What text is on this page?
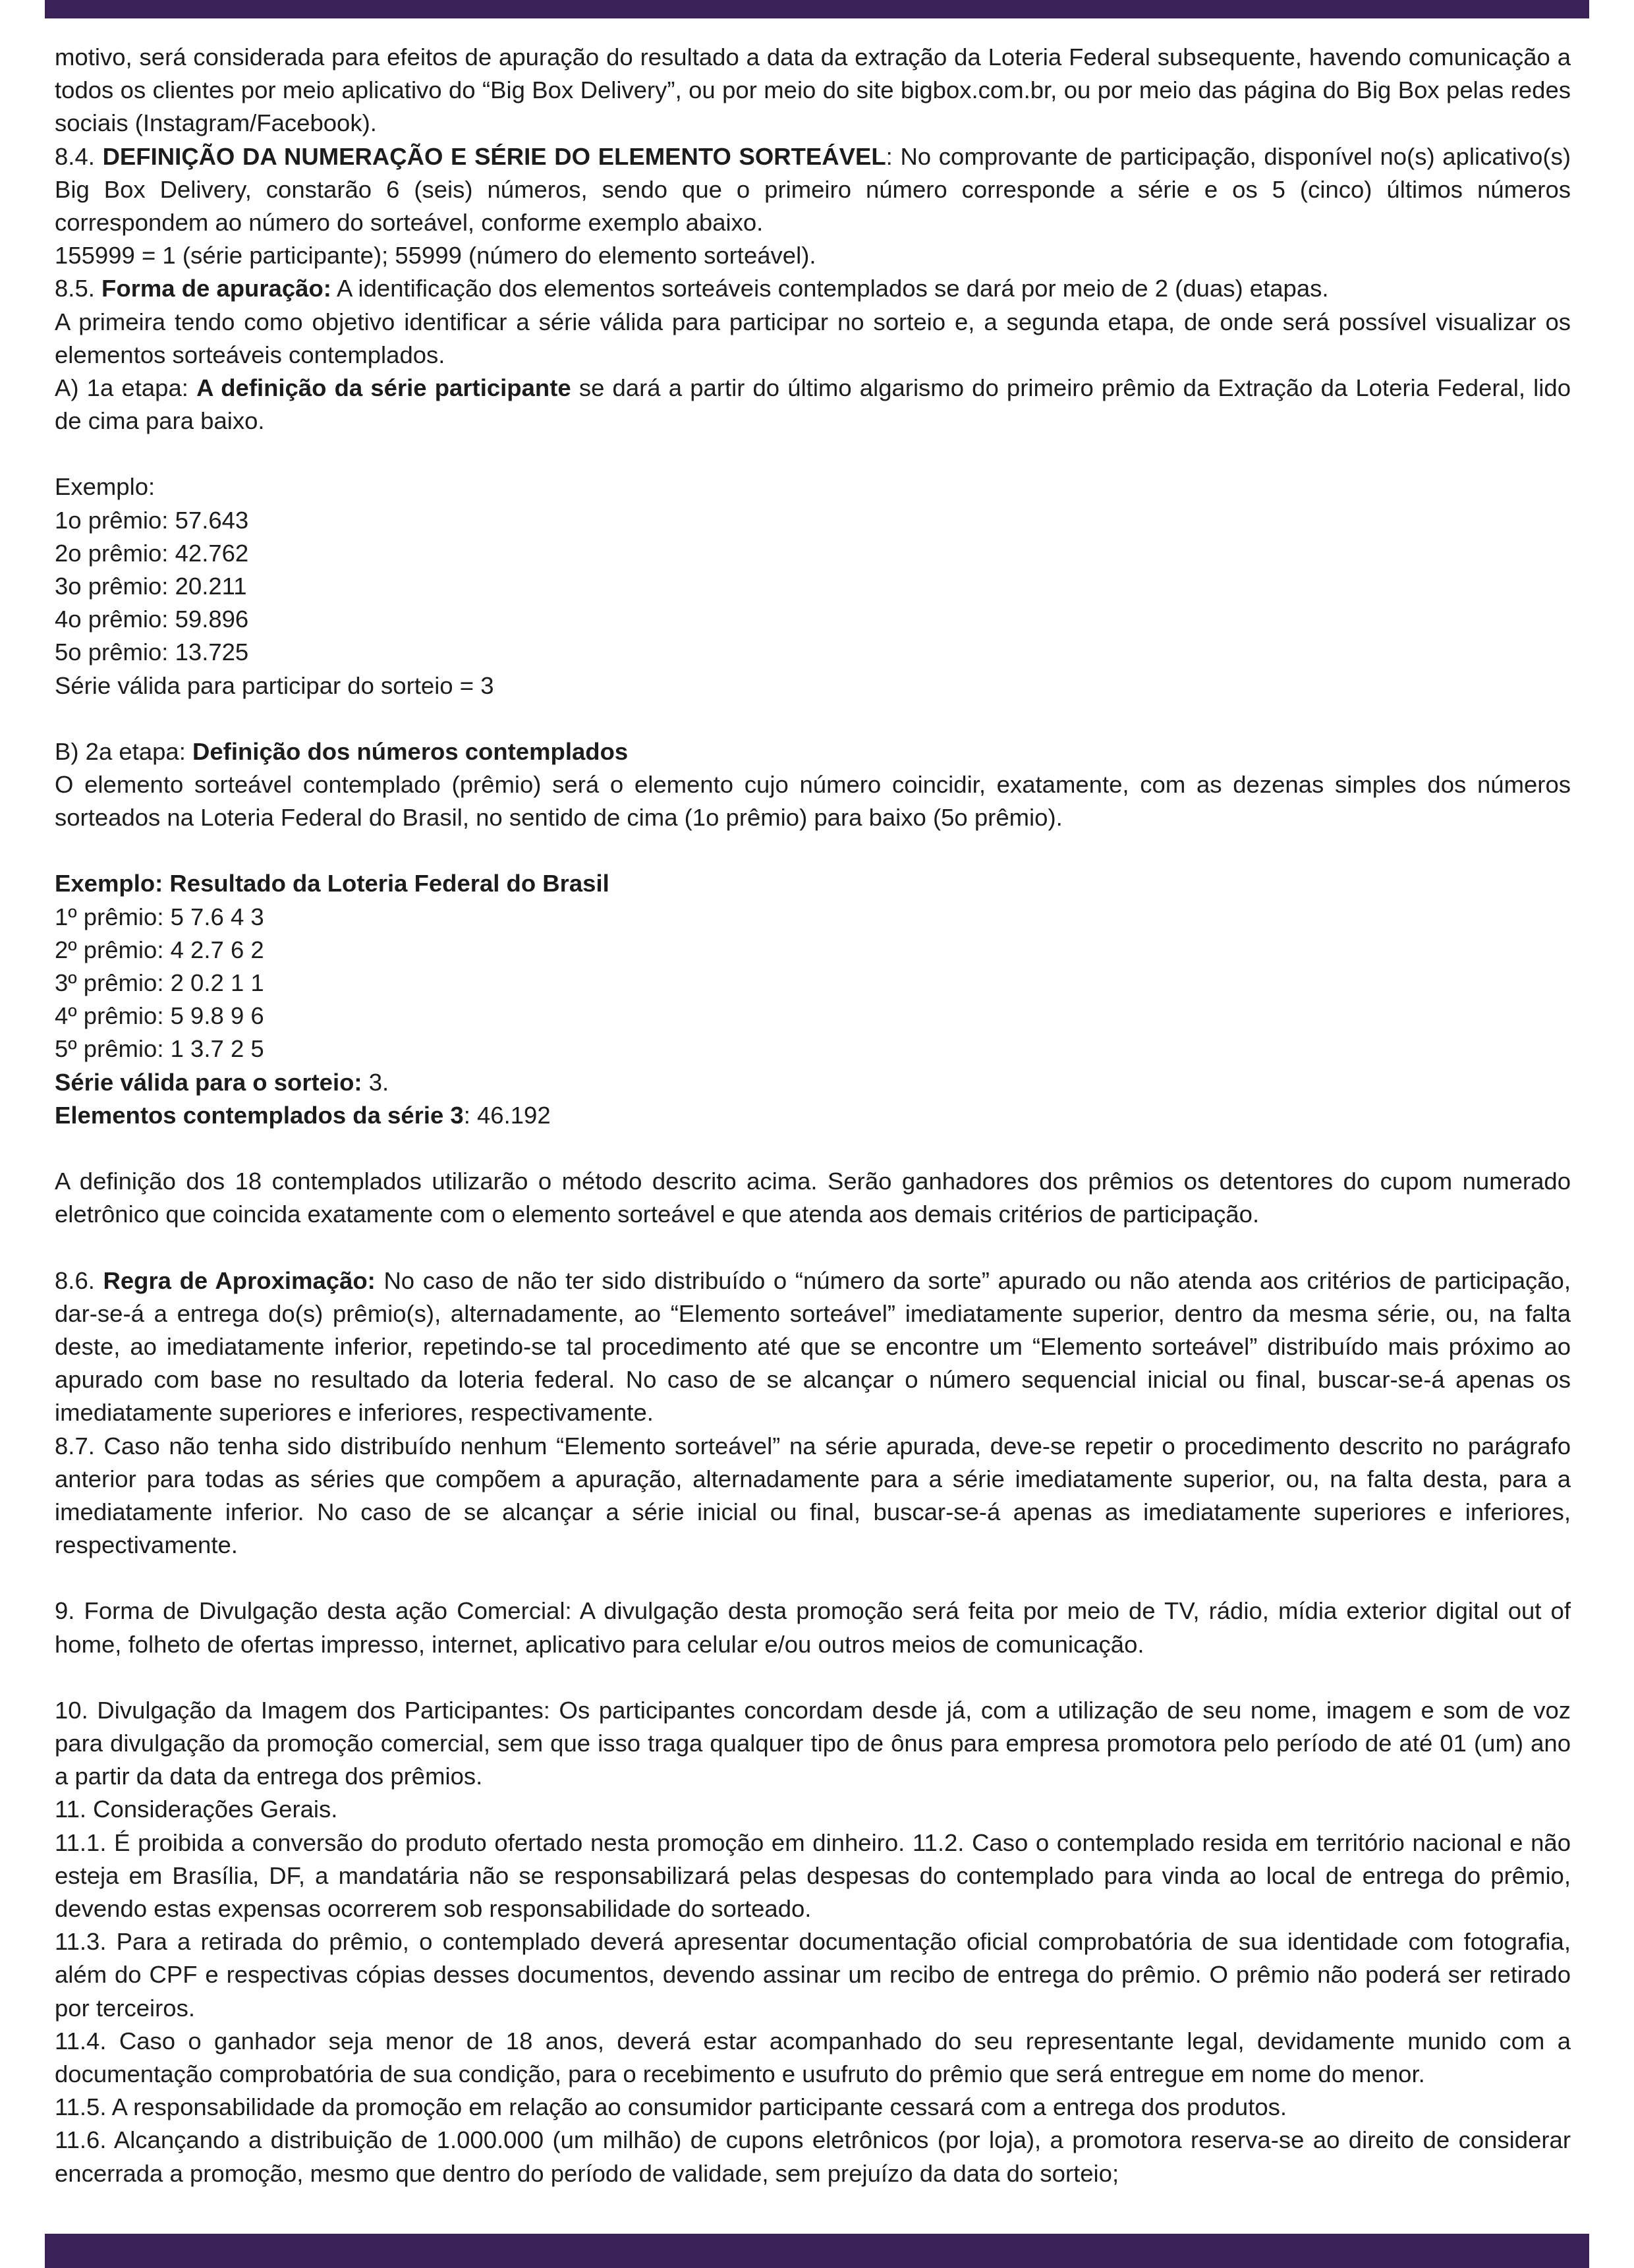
motivo, será considerada para efeitos de apuração do resultado a data da extração da Loteria Federal subsequente, havendo comunicação a todos os clientes por meio aplicativo do “Big Box Delivery”, ou por meio do site bigbox.com.br, ou por meio das página do Big Box pelas redes sociais (Instagram/Facebook).

8.4. DEFINIÇÃO DA NUMERAÇÃO E SÉRIE DO ELEMENTO SORTEÁVEL: No comprovante de participação, disponível no(s) aplicativo(s) Big Box Delivery, constarão 6 (seis) números, sendo que o primeiro número corresponde a série e os 5 (cinco) últimos números correspondem ao número do sorteável, conforme exemplo abaixo.

155999 = 1 (série participante); 55999 (número do elemento sorteável).

8.5. Forma de apuração: A identificação dos elementos sorteáveis contemplados se dará por meio de 2 (duas) etapas.

A primeira tendo como objetivo identificar a série válida para participar no sorteio e, a segunda etapa, de onde será possível visualizar os elementos sorteáveis contemplados.

A) 1a etapa: A definição da série participante se dará a partir do último algarismo do primeiro prêmio da Extração da Loteria Federal, lido de cima para baixo.

Exemplo:

1o prêmio: 57.643

2o prêmio: 42.762

3o prêmio: 20.211

4o prêmio: 59.896

5o prêmio: 13.725

Série válida para participar do sorteio = 3

B) 2a etapa: Definição dos números contemplados

O elemento sorteável contemplado (prêmio) será o elemento cujo número coincidir, exatamente, com as dezenas simples dos números sorteados na Loteria Federal do Brasil, no sentido de cima (1o prêmio) para baixo (5o prêmio).

Exemplo: Resultado da Loteria Federal do Brasil

1º prêmio: 5 7.6 4 3

2º prêmio: 4 2.7 6 2

3º prêmio: 2 0.2 1 1

4º prêmio: 5 9.8 9 6

5º prêmio: 1 3.7 2 5

Série válida para o sorteio: 3.

Elementos contemplados da série 3: 46.192

A definição dos 18 contemplados utilizarão o método descrito acima. Serão ganhadores dos prêmios os detentores do cupom numerado eletrônico que coincida exatamente com o elemento sorteável e que atenda aos demais critérios de participação.

8.6. Regra de Aproximação: No caso de não ter sido distribuído o “número da sorte” apurado ou não atenda aos critérios de participação, dar-se-á a entrega do(s) prêmio(s), alternadamente, ao “Elemento sorteável” imediatamente superior, dentro da mesma série, ou, na falta deste, ao imediatamente inferior, repetindo-se tal procedimento até que se encontre um “Elemento sorteável” distribuído mais próximo ao apurado com base no resultado da loteria federal. No caso de se alcançar o número sequencial inicial ou final, buscar-se-á apenas os imediatamente superiores e inferiores, respectivamente.

8.7. Caso não tenha sido distribuído nenhum “Elemento sorteável” na série apurada, deve-se repetir o procedimento descrito no parágrafo anterior para todas as séries que compõem a apuração, alternadamente para a série imediatamente superior, ou, na falta desta, para a imediatamente inferior. No caso de se alcançar a série inicial ou final, buscar-se-á apenas as imediatamente superiores e inferiores, respectivamente.

9. Forma de Divulgação desta ação Comercial: A divulgação desta promoção será feita por meio de TV, rádio, mídia exterior digital out of home, folheto de ofertas impresso, internet, aplicativo para celular e/ou outros meios de comunicação.

10. Divulgação da Imagem dos Participantes: Os participantes concordam desde já, com a utilização de seu nome, imagem e som de voz para divulgação da promoção comercial, sem que isso traga qualquer tipo de ônus para empresa promotora pelo período de até 01 (um) ano a partir da data da entrega dos prêmios.

11. Considerações Gerais.

11.1. É proibida a conversão do produto ofertado nesta promoção em dinheiro. 11.2. Caso o contemplado resida em território nacional e não esteja em Brasília, DF, a mandatária não se responsabilizará pelas despesas do contemplado para vinda ao local de entrega do prêmio, devendo estas expensas ocorrerem sob responsabilidade do sorteado.

11.3. Para a retirada do prêmio, o contemplado deverá apresentar documentação oficial comprobatória de sua identidade com fotografia, além do CPF e respectivas cópias desses documentos, devendo assinar um recibo de entrega do prêmio. O prêmio não poderá ser retirado por terceiros.

11.4. Caso o ganhador seja menor de 18 anos, deverá estar acompanhado do seu representante legal, devidamente munido com a documentação comprobatória de sua condição, para o recebimento e usufruto do prêmio que será entregue em nome do menor.

11.5. A responsabilidade da promoção em relação ao consumidor participante cessará com a entrega dos produtos.

11.6. Alcançando a distribuição de 1.000.000 (um milhão) de cupons eletrônicos (por loja), a promotora reserva-se ao direito de considerar encerrada a promoção, mesmo que dentro do período de validade, sem prejuízo da data do sorteio;
